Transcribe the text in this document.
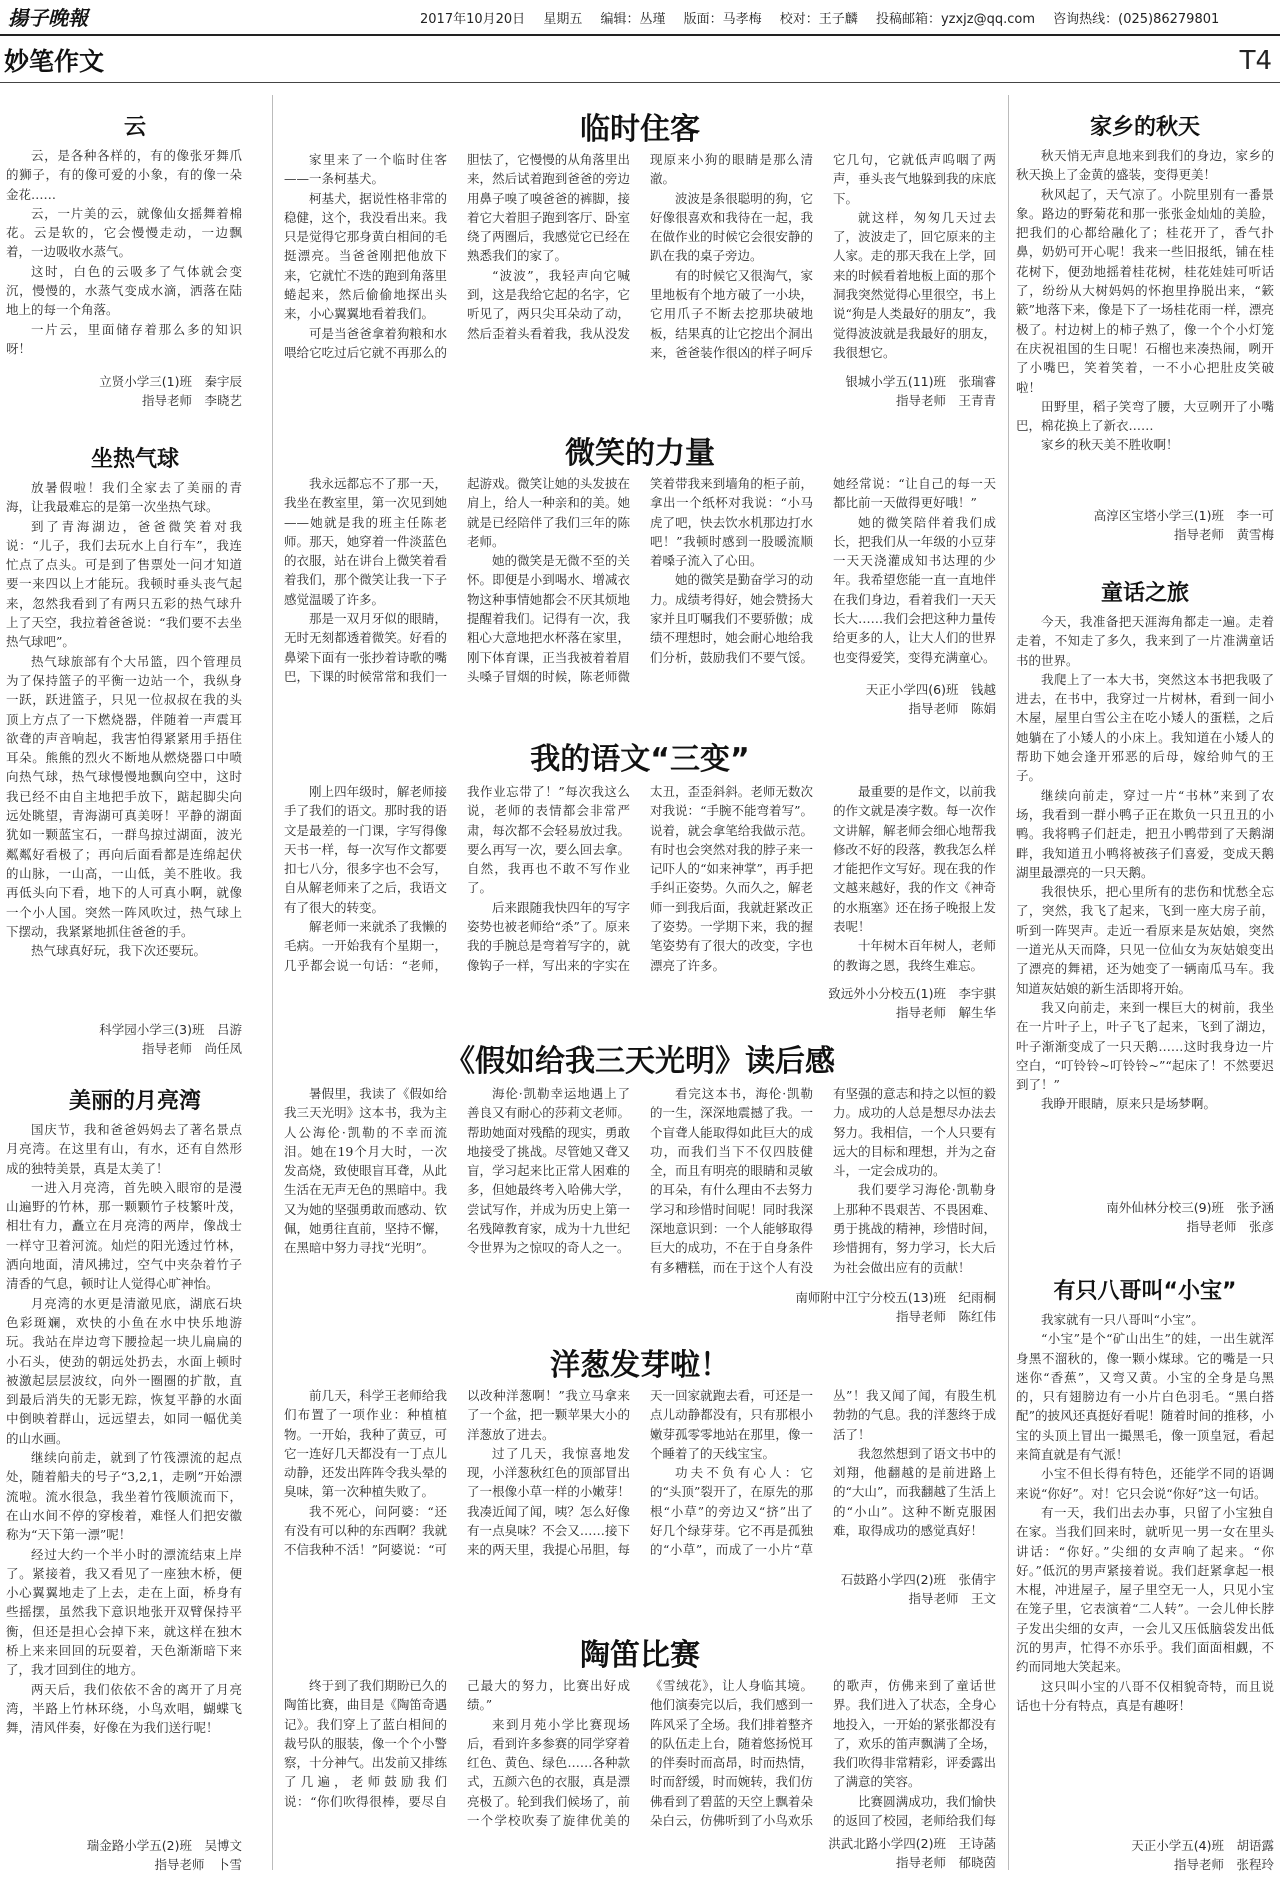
揚子晚報	2017年10月20日 星期五 编辑：丛瑾 版面：马孝梅 校对：王子麟 投稿邮箱：yzxjz@qq.com 咨询热线：(025)86279801
妙笔作文	T4
云

云，是各种各样的，有的像张牙舞爪的狮子，有的像可爱的小象，有的像一朵金花……

云，一片美的云，就像仙女摇舞着棉花。云是软的，它会慢慢走动，一边飘着，一边吸收水蒸气。

这时，白色的云吸多了气体就会变沉，慢慢的，水蒸气变成水滴，洒落在陆地上的每一个角落。

一片云，里面储存着那么多的知识呀！

立贤小学三(1)班　秦宇辰
指导老师　李晓艺
坐热气球

放暑假啦！我们全家去了美丽的青海，让我最难忘的是第一次坐热气球。

到了青海湖边，爸爸微笑着对我说：“儿子，我们去玩水上自行车”，我连忙点了点头。可是到了售票处一问才知道要一来四以上才能玩。我顿时垂头丧气起来，忽然我看到了有两只五彩的热气球升上了天空，我拉着爸爸说：“我们要不去坐热气球吧”。

热气球旅部有个大吊篮，四个管理员为了保持篮子的平衡一边站一个，我纵身一跃，跃进篮子，只见一位叔叔在我的头顶上方点了一下燃烧器，伴随着一声震耳欲聋的声音响起，我害怕得紧紧用手捂住耳朵。熊熊的烈火不断地从燃烧器口中喷向热气球，热气球慢慢地飘向空中，这时我已经不由自主地把手放下，踮起脚尖向远处眺望，青海湖可真美呀！平静的湖面犹如一颗蓝宝石，一群鸟掠过湖面，波光粼粼好看极了；再向后面看都是连绵起伏的山脉，一山高，一山低，美不胜收。我再低头向下看，地下的人可真小啊，就像一个小人国。突然一阵风吹过，热气球上下摆动，我紧紧地抓住爸爸的手。

热气球真好玩，我下次还要玩。

科学园小学三(3)班　吕游
指导老师　尚任凤
美丽的月亮湾

国庆节，我和爸爸妈妈去了著名景点月亮湾。在这里有山，有水，还有自然形成的独特美景，真是太美了！

一进入月亮湾，首先映入眼帘的是漫山遍野的竹林，那一颗颗竹子枝繁叶茂，相壮有力，矗立在月亮湾的两岸，像战士一样守卫着河流。灿烂的阳光透过竹林，洒向地面，清风拂过，空气中夹杂着竹子清香的气息，顿时让人觉得心旷神怡。

月亮湾的水更是清澈见底，湖底石块色彩斑斓，欢快的小鱼在水中快乐地游玩。我站在岸边弯下腰捡起一块儿扁扁的小石头，使劲的朝远处扔去，水面上顿时被激起层层波纹，向外一圈圈的扩散，直到最后消失的无影无踪，恢复平静的水面中倒映着群山，远远望去，如同一幅优美的山水画。

继续向前走，就到了竹筏漂流的起点处，随着船夫的号子“3,2,1，走咧”开始漂流啦。流水很急，我坐着竹筏顺流而下，在山水间不停的穿梭着，难怪人们把安徽称为“天下第一漂”呢！

经过大约一个半小时的漂流结束上岸了。紧接着，我又看见了一座独木桥，便小心翼翼地走了上去，走在上面，桥身有些摇摆，虽然我下意识地张开双臂保持平衡，但还是担心会掉下来，就这样在独木桥上来来回回的玩耍着，天色渐渐暗下来了，我才回到住的地方。

两天后，我们依依不舍的离开了月亮湾，半路上竹林环绕，小鸟欢唱，蝴蝶飞舞，清风伴奏，好像在为我们送行呢！

瑞金路小学五(2)班　吴博文
指导老师　卜雪
临时住客

家里来了一个临时住客——一条柯基犬。

柯基犬，据说性格非常的稳健，这个，我没看出来。我只是觉得它那身黄白相间的毛挺漂亮。当爸爸刚把他放下来，它就忙不迭的跑到角落里蜷起来，然后偷偷地探出头来，小心翼翼地看着我们。

可是当爸爸拿着狗粮和水喂给它吃过后它就不再那么的胆怯了，它慢慢的从角落里出来，然后试着跑到爸爸的旁边用鼻子嗅了嗅爸爸的裤脚，接着它大着胆子跑到客厅、卧室绕了两圈后，我感觉它已经在熟悉我们的家了。

“波波”，我轻声向它喊到，这是我给它起的名字，它听见了，两只尖耳朵动了动，然后歪着头看着我，我从没发现原来小狗的眼睛是那么清澈。

波波是条很聪明的狗，它好像很喜欢和我待在一起，我在做作业的时候它会很安静的趴在我的桌子旁边。

有的时候它又很淘气，家里地板有个地方破了一小块，它用爪子不断去挖那块破地板，结果真的让它挖出个洞出来，爸爸装作很凶的样子呵斥它几句，它就低声呜咽了两声，垂头丧气地躲到我的床底下。

就这样，匆匆几天过去了，波波走了，回它原来的主人家。走的那天我在上学，回来的时候看着地板上面的那个洞我突然觉得心里很空，书上说“狗是人类最好的朋友”，我觉得波波就是我最好的朋友，我很想它。

银城小学五(11)班　张瑞睿
指导老师　王青青
微笑的力量

我永远都忘不了那一天，我坐在教室里，第一次见到她——她就是我的班主任陈老师。那天，她穿着一件淡蓝色的衣服，站在讲台上微笑着看着我们，那个微笑让我一下子感觉温暖了许多。

那是一双月牙似的眼睛，无时无刻都透着微笑。好看的鼻梁下面有一张抄着诗歌的嘴巴，下课的时候常常和我们一起游戏。微笑让她的头发披在肩上，给人一种亲和的美。她就是已经陪伴了我们三年的陈老师。

她的微笑是无微不至的关怀。即便是小到喝水、增减衣物这种事情她都会不厌其烦地提醒着我们。记得有一次，我粗心大意地把水杯落在家里，刚下体育课，正当我被着着眉头嗓子冒烟的时候，陈老师微笑着带我来到墙角的柜子前，拿出一个纸杯对我说：“小马虎了吧，快去饮水机那边打水吧！”我顿时感到一股暖流顺着嗓子流入了心田。

她的微笑是勤奋学习的动力。成绩考得好，她会赞扬大家并且叮嘱我们不要骄傲；成绩不理想时，她会耐心地给我们分析，鼓励我们不要气馁。她经常说：“让自己的每一天都比前一天做得更好哦！”

她的微笑陪伴着我们成长，把我们从一年级的小豆芽一天天浇灌成知书达理的少年。我希望您能一直一直地伴在我们身边，看着我们一天天长大……我们会把这种力量传给更多的人，让大人们的世界也变得爱笑，变得充满童心。

天正小学四(6)班　钱越
指导老师　陈娟
我的语文“三变”

刚上四年级时，解老师接手了我们的语文。那时我的语文是最差的一门课，字写得像天书一样，每一次写作文都要扣七八分，很多字也不会写，自从解老师来了之后，我语文有了很大的转变。

解老师一来就杀了我懒的毛病。一开始我有个星期一，几乎都会说一句话：“老师，我作业忘带了！”每次我这么说，老师的表情都会非常严肃，每次都不会轻易放过我。要么再写一次，要么回去拿。自然，我再也不敢不写作业了。

后来跟随我快四年的写字姿势也被老师给“杀”了。原来我的手腕总是弯着写字的，就像钩子一样，写出来的字实在太丑，歪歪斜斜。老师无数次对我说：“手腕不能弯着写”。说着，就会拿笔给我做示范。有时也会突然对我的脖子来一记吓人的“如来神掌”，再手把手纠正姿势。久而久之，解老师一到我后面，我就赶紧改正了姿势。一学期下来，我的握笔姿势有了很大的改变，字也漂亮了许多。

最重要的是作文，以前我的作文就是凑字数。每一次作文讲解，解老师会细心地帮我修改不好的段落，教我怎么样才能把作文写好。现在我的作文越来越好，我的作文《神奇的水瓶塞》还在扬子晚报上发表呢！

十年树木百年树人，老师的教诲之恩，我终生难忘。

致远外小分校五(1)班　李宇骐
指导老师　解生华
《假如给我三天光明》读后感

暑假里，我读了《假如给我三天光明》这本书，我为主人公海伦·凯勒的不幸而流泪。她在19个月大时，一次发高烧，致使眼盲耳聋，从此生活在无声无色的黑暗中。我又为她的坚强勇敢而感动、钦佩，她勇往直前，坚持不懈，在黑暗中努力寻找“光明”。

海伦·凯勒幸运地遇上了善良又有耐心的莎莉文老师。帮助她面对残酷的现实，勇敢地接受了挑战。尽管她又聋又盲，学习起来比正常人困难的多，但她最终考入哈佛大学，尝试写作，并成为历史上第一名残障教育家，成为十九世纪令世界为之惊叹的奇人之一。

看完这本书，海伦·凯勒的一生，深深地震撼了我。一个盲聋人能取得如此巨大的成功，而我们当下不仅四肢健全，而且有明亮的眼睛和灵敏的耳朵，有什么理由不去努力学习和珍惜时间呢！同时我深深地意识到：一个人能够取得巨大的成功，不在于自身条件有多糟糕，而在于这个人有没有坚强的意志和持之以恒的毅力。成功的人总是想尽办法去努力。我相信，一个人只要有远大的目标和理想，并为之奋斗，一定会成功的。

我们要学习海伦·凯勒身上那种不畏艰苦、不畏困难、勇于挑战的精神，珍惜时间，珍惜拥有，努力学习，长大后为社会做出应有的贡献！

南师附中江宁分校五(13)班　纪雨桐
指导老师　陈红伟
洋葱发芽啦！

前几天，科学王老师给我们布置了一项作业：种植植物。一开始，我种了黄豆，可它一连好几天都没有一丁点儿动静，还发出阵阵令我头晕的臭味，第一次种植失败了。

我不死心，问阿婆：“还有没有可以种的东西啊？我就不信我种不活！”阿婆说：“可以改种洋葱啊！”我立马拿来了一个盆，把一颗苹果大小的洋葱放了进去。

过了几天，我惊喜地发现，小洋葱秋红色的顶部冒出了一根像小草一样的小嫩芽！我凑近闻了闻，咦？怎么好像有一点臭味？不会又……接下来的两天里，我提心吊胆，每天一回家就跑去看，可还是一点儿动静都没有，只有那根小嫩芽孤零零地站在那里，像一个睡着了的天线宝宝。

功夫不负有心人：它的“头顶”裂开了，在原先的那根“小草”的旁边又“挤”出了好几个绿芽芽。它不再是孤独的“小草”，而成了一小片“草丛”！我又闻了闻，有股生机勃勃的气息。我的洋葱终于成活了！

我忽然想到了语文书中的刘翔，他翻越的是前进路上的“大山”，而我翻越了生活上的“小山”。这种不断克服困难，取得成功的感觉真好！

石鼓路小学四(2)班　张倩宇
指导老师　王文
陶笛比赛

终于到了我们期盼已久的陶笛比赛，曲目是《陶笛奇遇记》。我们穿上了蓝白相间的裁号队的服装，像一个个小警察，十分神气。出发前又排练了几遍，老师鼓励我们说：“你们吹得很棒，要尽自己最大的努力，比赛出好成绩。”

来到月苑小学比赛现场后，看到许多参赛的同学穿着红色、黄色、绿色……各种款式，五颜六色的衣服，真是漂亮极了。轮到我们候场了，前一个学校吹奏了旋律优美的《雪绒花》，让人身临其境。他们演奏完以后，我们感到一阵风采了全场。我们排着整齐的队伍走上台，随着悠扬悦耳的伴奏时而高昂，时而热情，时而舒缓，时而婉转，我们仿佛看到了碧蓝的天空上飘着朵朵白云，仿佛听到了小鸟欢乐的歌声，仿佛来到了童话世界。我们进入了状态，全身心地投入，一开始的紧张都没有了，欢乐的笛声飘满了全场，我们吹得非常精彩，评委露出了满意的笑容。

比赛圆满成功，我们愉快的返回了校园，老师给我们每

洪武北路小学四(2)班　王诗菡
指导老师　郁晓茵
家乡的秋天

秋天悄无声息地来到我们的身边，家乡的秋天换上了金黄的盛装，变得更美！

秋风起了，天气凉了。小院里别有一番景象。路边的野菊花和那一张张金灿灿的美脸，把我们的心都给融化了；桂花开了，香气扑鼻，奶奶可开心呢！我来一些旧报纸，铺在桂花树下，便劲地摇着桂花树，桂花娃娃可听话了，纷纷从大树妈妈的怀抱里挣脱出来，“簌簌”地落下来，像是下了一场桂花雨一样，漂亮极了。村边树上的柿子熟了，像一个个小灯笼在庆祝祖国的生日呢！石榴也来凑热闹，咧开了小嘴巴，笑着笑着，一不小心把肚皮笑破啦！

田野里，稻子笑弯了腰，大豆咧开了小嘴巴，棉花换上了新衣……

家乡的秋天美不胜收啊！

高淳区宝塔小学三(1)班　李一可
指导老师　黄雪梅
童话之旅

今天，我准备把天涯海角都走一遍。走着走着，不知走了多久，我来到了一片准满童话书的世界。

我爬上了一本大书，突然这本书把我吸了进去，在书中，我穿过一片树林，看到一间小木屋，屋里白雪公主在吃小矮人的蛋糕，之后她躺在了小矮人的小床上。我知道在小矮人的帮助下她会逢开邪恶的后母，嫁给帅气的王子。

继续向前走，穿过一片“书林”来到了农场，我看到一群小鸭子正在欺负一只丑丑的小鸭。我将鸭子们赶走，把丑小鸭带到了天鹅湖畔，我知道丑小鸭将被孩子们喜爱，变成天鹅湖里最漂亮的一只天鹅。

我很快乐，把心里所有的悲伤和忧愁全忘了，突然，我飞了起来，飞到一座大房子前，听到一阵哭声。走近一看原来是灰姑娘，突然一道光从天而降，只见一位仙女为灰姑娘变出了漂亮的舞裙，还为她变了一辆南瓜马车。我知道灰姑娘的新生活即将开始。

我又向前走，来到一棵巨大的树前，我坐在一片叶子上，叶子飞了起来，飞到了湖边，叶子渐渐变成了一只天鹅……这时我身边一片空白，“叮铃铃~叮铃铃~”“起床了！不然要迟到了！”

我睁开眼睛，原来只是场梦啊。

南外仙林分校三(9)班　张予涵
指导老师　张彦
有只八哥叫“小宝”

我家就有一只八哥叫“小宝”。

“小宝”是个“矿山出生”的娃，一出生就浑身黑不溜秋的，像一颗小煤球。它的嘴是一只迷你“香蕉”，又弯又黄。小宝的全身是乌黑的，只有翅膀边有一小片白色羽毛。“黑白搭配”的披风还真挺好看呢！随着时间的推移，小宝的头顶上冒出一撮黑毛，像一顶皇冠，看起来简直就是有气派！

小宝不但长得有特色，还能学不同的语调来说“你好”。对！它只会说“你好”这一句话。

有一天，我们出去办事，只留了小宝独自在家。当我们回来时，就听见一男一女在里头讲话：“你好。”尖细的女声响了起来。“你好。”低沉的男声紧接着说。我们赶紧拿起一根木棍，冲进屋子，屋子里空无一人，只见小宝在笼子里，它表演着“二人转”。一会儿伸长脖子发出尖细的女声，一会儿又压低脑袋发出低沉的男声，忙得不亦乐乎。我们面面相觑，不约而同地大笑起来。

这只叫小宝的八哥不仅相貌奇特，而且说话也十分有特点，真是有趣呀！

天正小学五(4)班　胡语露
指导老师　张程玲
